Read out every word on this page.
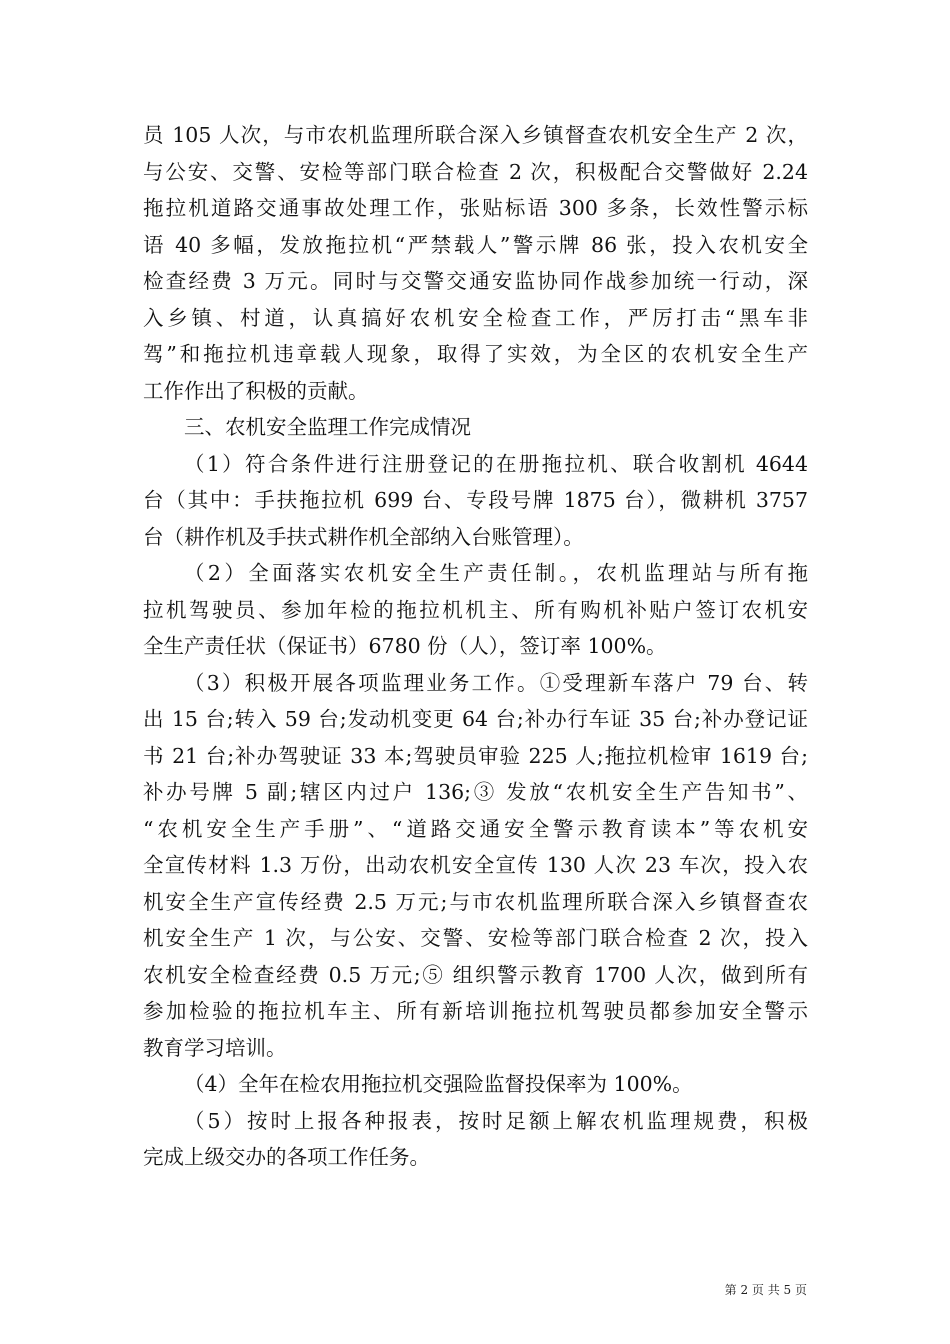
员 105 人次，与市农机监理所联合深入乡镇督查农机安全生产 2 次，
与公安、交警、安检等部门联合检查 2 次，积极配合交警做好 2.24
拖拉机道路交通事故处理工作，张贴标语 300 多条，长效性警示标
语 40 多幅，发放拖拉机“严禁载人”警示牌 86 张，投入农机安全
检查经费 3 万元。同时与交警交通安监协同作战参加统一行动，深
入乡镇、村道，认真搞好农机安全检查工作，严厉打击“黑车非
驾”和拖拉机违章载人现象，取得了实效，为全区的农机安全生产
工作作出了积极的贡献。
三、农机安全监理工作完成情况
（1）符合条件进行注册登记的在册拖拉机、联合收割机 4644
台（其中：手扶拖拉机 699 台、专段号牌 1875 台），微耕机 3757
台（耕作机及手扶式耕作机全部纳入台账管理）。
（2）全面落实农机安全生产责任制。，农机监理站与所有拖
拉机驾驶员、参加年检的拖拉机机主、所有购机补贴户签订农机安
全生产责任状（保证书）6780 份（人），签订率 100%。
（3）积极开展各项监理业务工作。①受理新车落户 79 台、转
出 15 台;转入 59 台;发动机变更 64 台;补办行车证 35 台;补办登记证
书 21 台;补办驾驶证 33 本;驾驶员审验 225 人;拖拉机检审 1619 台;
补办号牌 5 副;辖区内过户 136;③ 发放“农机安全生产告知书”、
“农机安全生产手册”、“道路交通安全警示教育读本”等农机安
全宣传材料 1.3 万份，出动农机安全宣传 130 人次 23 车次，投入农
机安全生产宣传经费 2.5 万元;与市农机监理所联合深入乡镇督查农
机安全生产 1 次，与公安、交警、安检等部门联合检查 2 次，投入
农机安全检查经费 0.5 万元;⑤ 组织警示教育 1700 人次，做到所有
参加检验的拖拉机车主、所有新培训拖拉机驾驶员都参加安全警示
教育学习培训。
（4）全年在检农用拖拉机交强险监督投保率为 100%。
（5）按时上报各种报表，按时足额上解农机监理规费，积极
完成上级交办的各项工作任务。
第 2 页 共 5 页
